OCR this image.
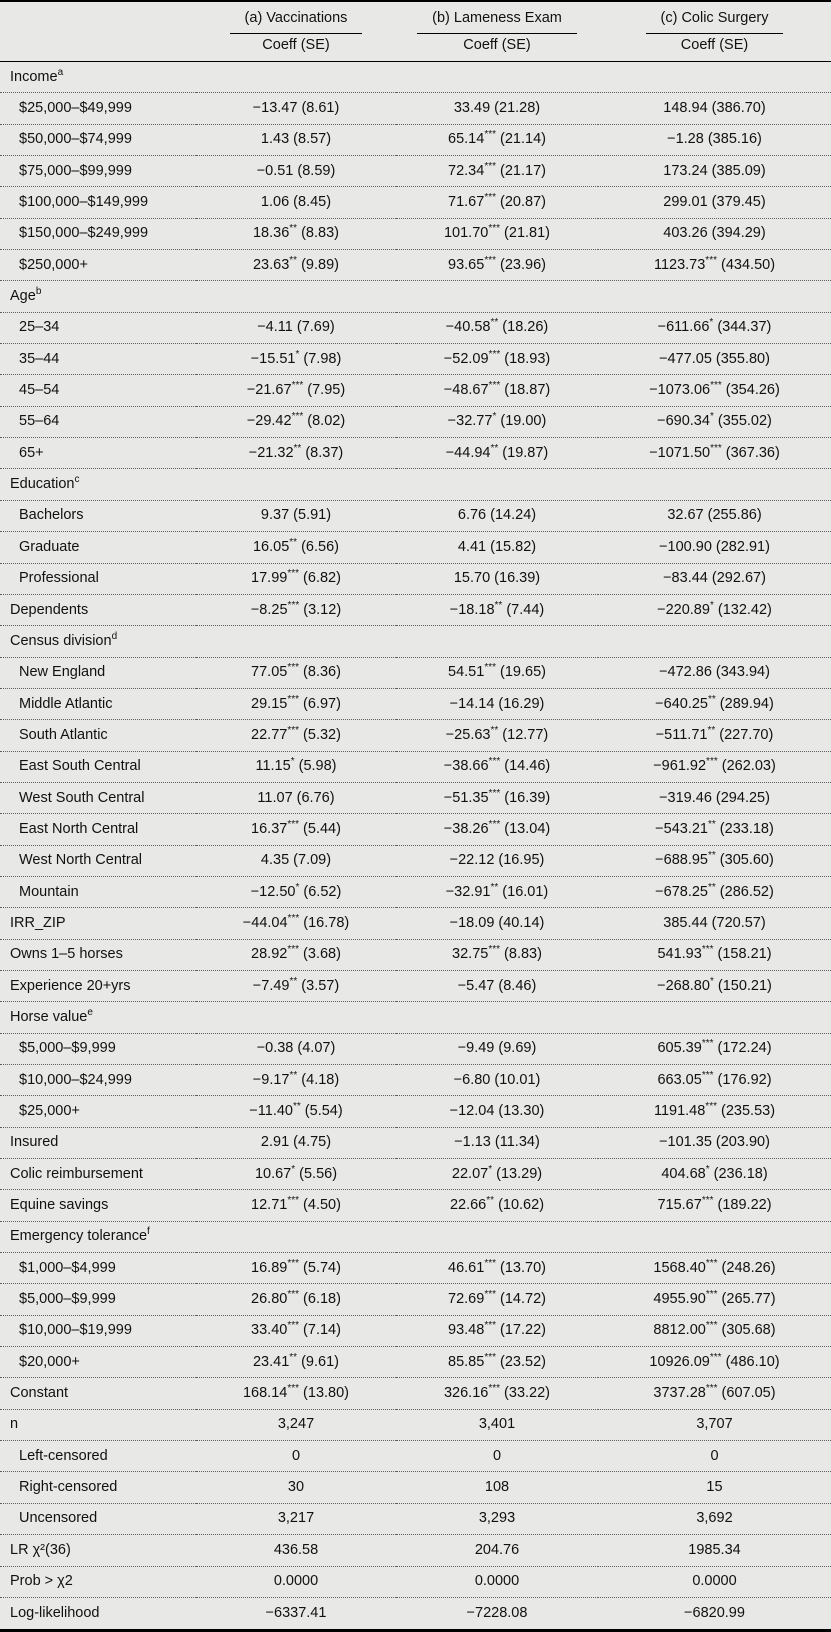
	(a) Vaccinations	(b) Lameness Exam	(c) Colic Surgery
	Coeff (SE)	Coeff (SE)	Coeff (SE)
Income$^a$
$25,000–$49,999	−13.47 (8.61)	33.49 (21.28)	148.94 (386.70)
$50,000–$74,999	1.43 (8.57)	65.14*** (21.14)	−1.28 (385.16)
$75,000–$99,999	−0.51 (8.59)	72.34*** (21.17)	173.24 (385.09)
$100,000–$149,999	1.06 (8.45)	71.67*** (20.87)	299.01 (379.45)
$150,000–$249,999	18.36** (8.83)	101.70*** (21.81)	403.26 (394.29)
$250,000+	23.63** (9.89)	93.65*** (23.96)	1123.73*** (434.50)
Age$^b$
25–34	−4.11 (7.69)	−40.58** (18.26)	−611.66* (344.37)
35–44	−15.51* (7.98)	−52.09*** (18.93)	−477.05 (355.80)
45–54	−21.67*** (7.95)	−48.67*** (18.87)	−1073.06*** (354.26)
55–64	−29.42*** (8.02)	−32.77* (19.00)	−690.34* (355.02)
65+	−21.32** (8.37)	−44.94** (19.87)	−1071.50*** (367.36)
Education$^c$
Bachelors	9.37 (5.91)	6.76 (14.24)	32.67 (255.86)
Graduate	16.05** (6.56)	4.41 (15.82)	−100.90 (282.91)
Professional	17.99*** (6.82)	15.70 (16.39)	−83.44 (292.67)
Dependents	−8.25*** (3.12)	−18.18** (7.44)	−220.89* (132.42)
Census division$^d$
New England	77.05*** (8.36)	54.51*** (19.65)	−472.86 (343.94)
Middle Atlantic	29.15*** (6.97)	−14.14 (16.29)	−640.25** (289.94)
South Atlantic	22.77*** (5.32)	−25.63** (12.77)	−511.71** (227.70)
East South Central	11.15* (5.98)	−38.66*** (14.46)	−961.92*** (262.03)
West South Central	11.07 (6.76)	−51.35*** (16.39)	−319.46 (294.25)
East North Central	16.37*** (5.44)	−38.26*** (13.04)	−543.21** (233.18)
West North Central	4.35 (7.09)	−22.12 (16.95)	−688.95** (305.60)
Mountain	−12.50* (6.52)	−32.91** (16.01)	−678.25** (286.52)
IRR_ZIP	−44.04*** (16.78)	−18.09 (40.14)	385.44 (720.57)
Owns 1–5 horses	28.92*** (3.68)	32.75*** (8.83)	541.93*** (158.21)
Experience 20+yrs	−7.49** (3.57)	−5.47 (8.46)	−268.80* (150.21)
Horse value$^e$
$5,000–$9,999	−0.38 (4.07)	−9.49 (9.69)	605.39*** (172.24)
$10,000–$24,999	−9.17** (4.18)	−6.80 (10.01)	663.05*** (176.92)
$25,000+	−11.40** (5.54)	−12.04 (13.30)	1191.48*** (235.53)
Insured	2.91 (4.75)	−1.13 (11.34)	−101.35 (203.90)
Colic reimbursement	10.67* (5.56)	22.07* (13.29)	404.68* (236.18)
Equine savings	12.71*** (4.50)	22.66** (10.62)	715.67*** (189.22)
Emergency tolerance$^f$
$1,000–$4,999	16.89*** (5.74)	46.61*** (13.70)	1568.40*** (248.26)
$5,000–$9,999	26.80*** (6.18)	72.69*** (14.72)	4955.90*** (265.77)
$10,000–$19,999	33.40*** (7.14)	93.48*** (17.22)	8812.00*** (305.68)
$20,000+	23.41** (9.61)	85.85*** (23.52)	10926.09*** (486.10)
Constant	168.14*** (13.80)	326.16*** (33.22)	3737.28*** (607.05)
n	3,247	3,401	3,707
Left-censored	0	0	0
Right-censored	30	108	15
Uncensored	3,217	3,293	3,692
LR χ²(36)	436.58	204.76	1985.34
Prob > χ2	0.0000	0.0000	0.0000
Log-likelihood	−6337.41	−7228.08	−6820.99
